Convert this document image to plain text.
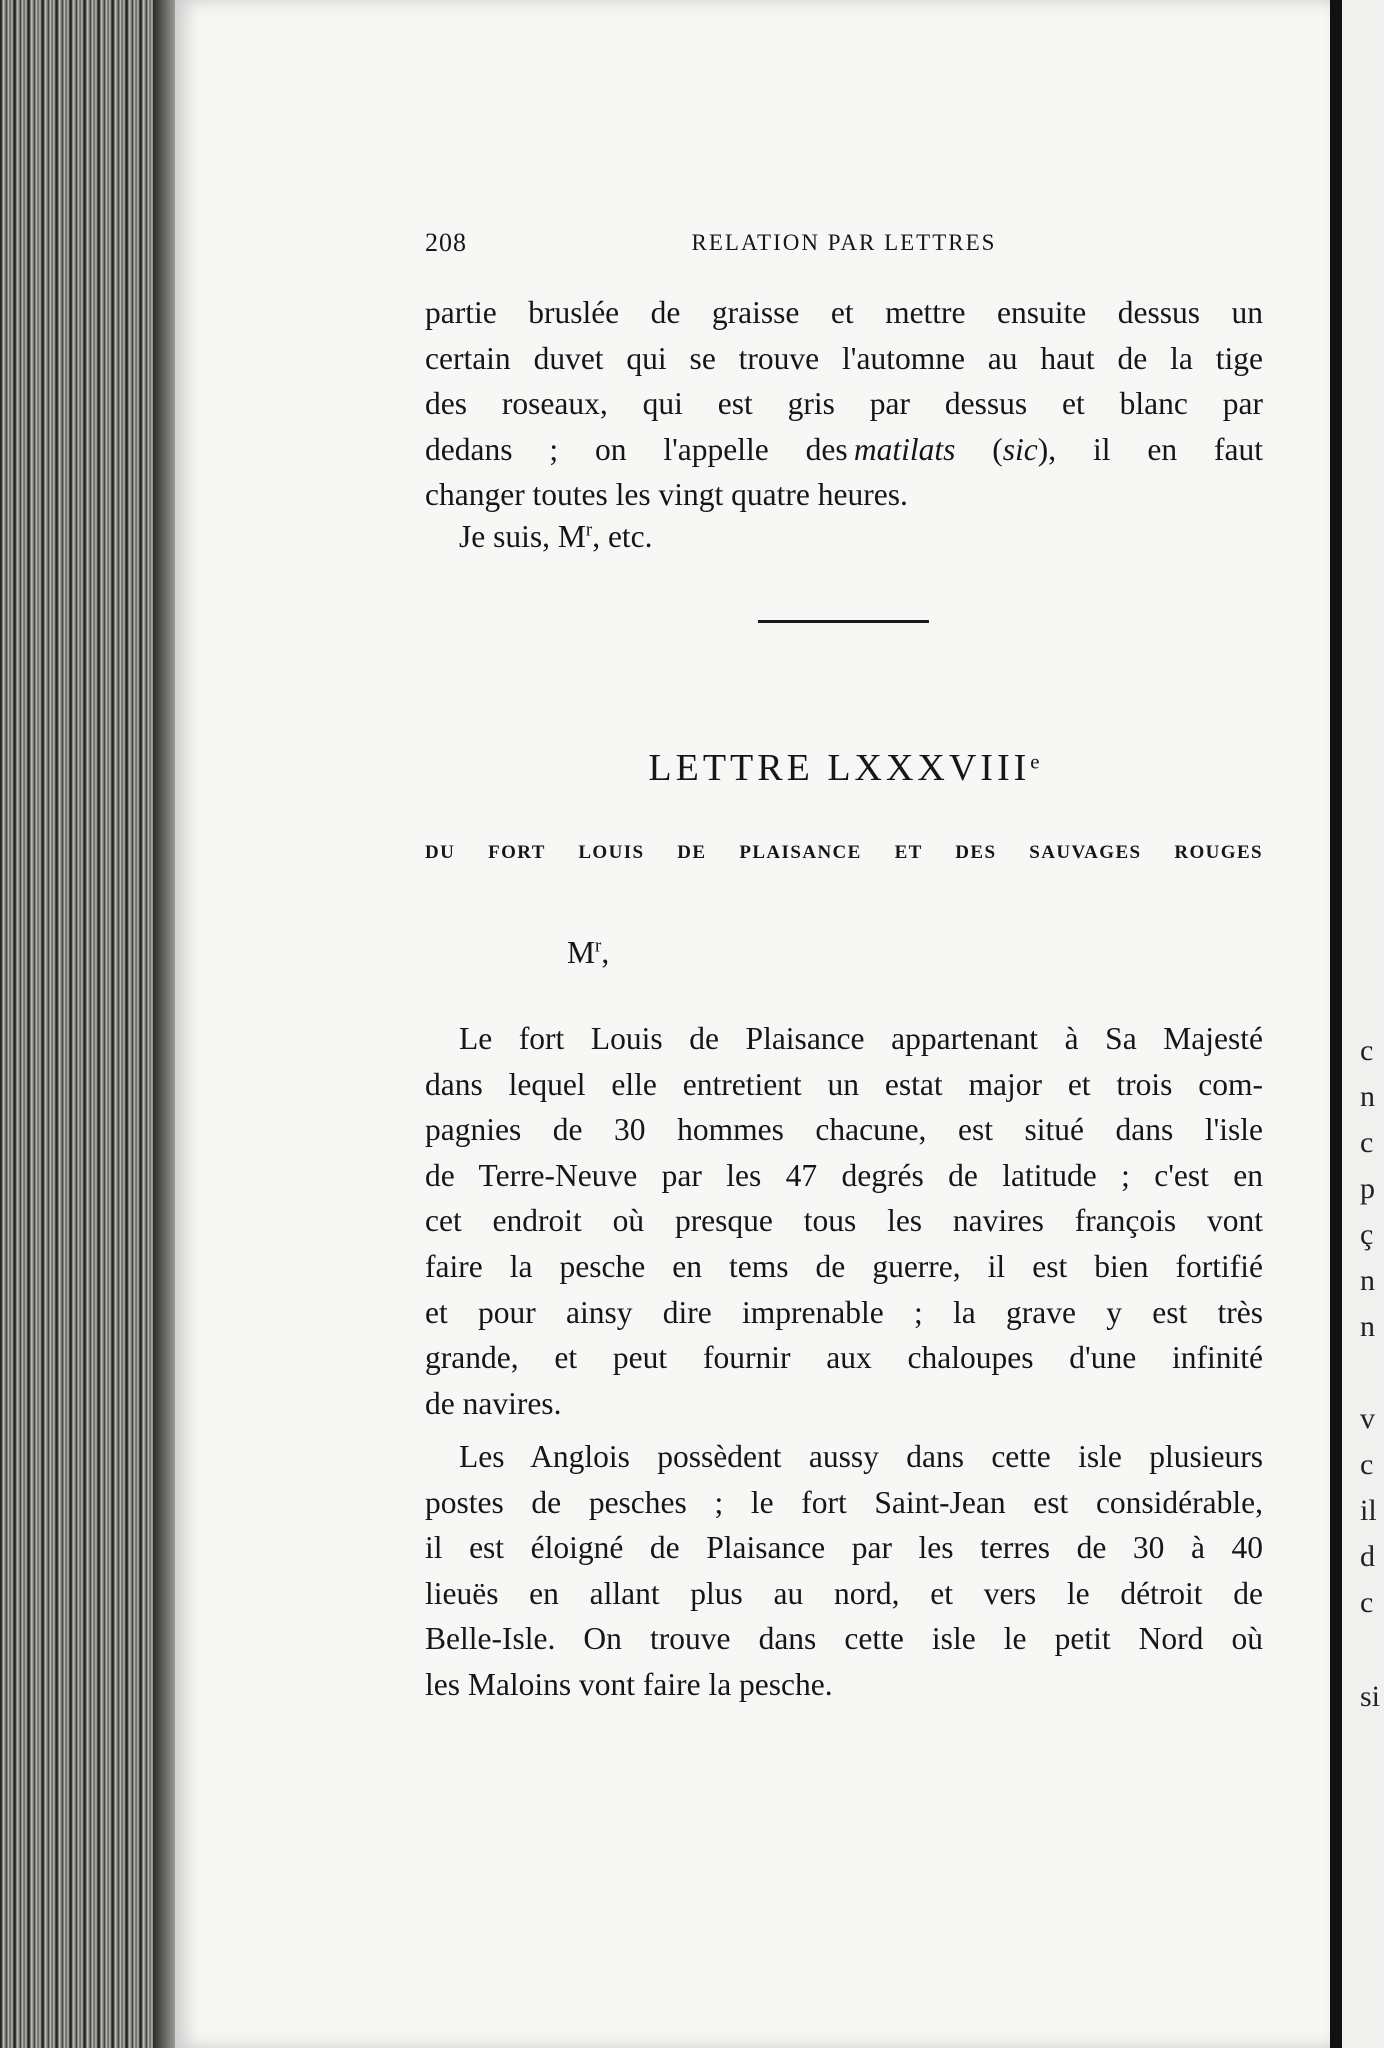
208	RELATION PAR LETTRES
partie bruslée de graisse et mettre ensuite dessus un
certain duvet qui se trouve l'automne au haut de la tige
des roseaux, qui est gris par dessus et blanc par
dedans ; on l'appelle des  matilats (sic), il en faut
changer toutes les vingt quatre heures.
Je suis, $M^r$, etc.
LETTRE LXXXVIIIe
DU FORT LOUIS DE PLAISANCE ET DES SAUVAGES ROUGES
$M^r$,
Le fort Louis de Plaisance appartenant à Sa Majesté
dans lequel elle entretient un estat major et trois com-
pagnies de 30 hommes chacune, est situé dans l'isle
de Terre-Neuve par les 47 degrés de latitude ; c'est en
cet endroit où presque tous les navires françois vont
faire la pesche en tems de guerre, il est bien fortifié
et pour ainsy dire imprenable ; la grave y est très
grande, et peut fournir aux chaloupes d'une infinité
de navires.
Les Anglois possèdent aussy dans cette isle plusieurs
postes de pesches ; le fort Saint-Jean est considérable,
il est éloigné de Plaisance par les terres de 30 à 40
lieuës en allant plus au nord, et vers le détroit de
Belle-Isle. On trouve dans cette isle le petit Nord où
les Maloins vont faire la pesche.
c
n
c
p
ç
n
n
v
c
il
d
c
si
